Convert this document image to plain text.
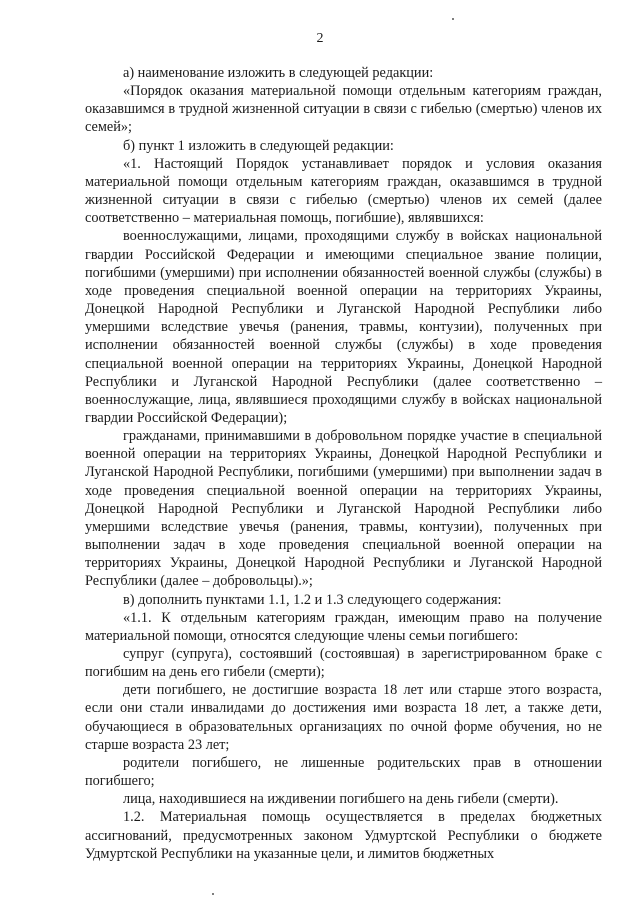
2

а) наименование изложить в следующей редакции:

«Порядок оказания материальной помощи отдельным категориям граждан, оказавшимся в трудной жизненной ситуации в связи с гибелью (смертью) членов их семей»;

б) пункт 1 изложить в следующей редакции:

«1. Настоящий Порядок устанавливает порядок и условия оказания материальной помощи отдельным категориям граждан, оказавшимся в трудной жизненной ситуации в связи с гибелью (смертью) членов их семей (далее соответственно – материальная помощь, погибшие), являвшихся:

военнослужащими, лицами, проходящими службу в войсках национальной гвардии Российской Федерации и имеющими специальное звание полиции, погибшими (умершими) при исполнении обязанностей военной службы (службы) в ходе проведения специальной военной операции на территориях Украины, Донецкой Народной Республики и Луганской Народной Республики либо умершими вследствие увечья (ранения, травмы, контузии), полученных при исполнении обязанностей военной службы (службы) в ходе проведения специальной военной операции на территориях Украины, Донецкой Народной Республики и Луганской Народной Республики (далее соответственно – военнослужащие, лица, являвшиеся проходящими службу в войсках национальной гвардии Российской Федерации);

гражданами, принимавшими в добровольном порядке участие в специальной военной операции на территориях Украины, Донецкой Народной Республики и Луганской Народной Республики, погибшими (умершими) при выполнении задач в ходе проведения специальной военной операции на территориях Украины, Донецкой Народной Республики и Луганской Народной Республики либо умершими вследствие увечья (ранения, травмы, контузии), полученных при выполнении задач в ходе проведения специальной военной операции на территориях Украины, Донецкой Народной Республики и Луганской Народной Республики (далее – добровольцы).»;

в) дополнить пунктами 1.1, 1.2 и 1.3 следующего содержания:

«1.1. К отдельным категориям граждан, имеющим право на получение материальной помощи, относятся следующие члены семьи погибшего:

супруг (супруга), состоявший (состоявшая) в зарегистрированном браке с погибшим на день его гибели (смерти);

дети погибшего, не достигшие возраста 18 лет или старше этого возраста, если они стали инвалидами до достижения ими возраста 18 лет, а также дети, обучающиеся в образовательных организациях по очной форме обучения, но не старше возраста 23 лет;

родители погибшего, не лишенные родительских прав в отношении погибшего;

лица, находившиеся на иждивении погибшего на день гибели (смерти).

1.2. Материальная помощь осуществляется в пределах бюджетных ассигнований, предусмотренных законом Удмуртской Республики о бюджете Удмуртской Республики на указанные цели, и лимитов бюджетных
